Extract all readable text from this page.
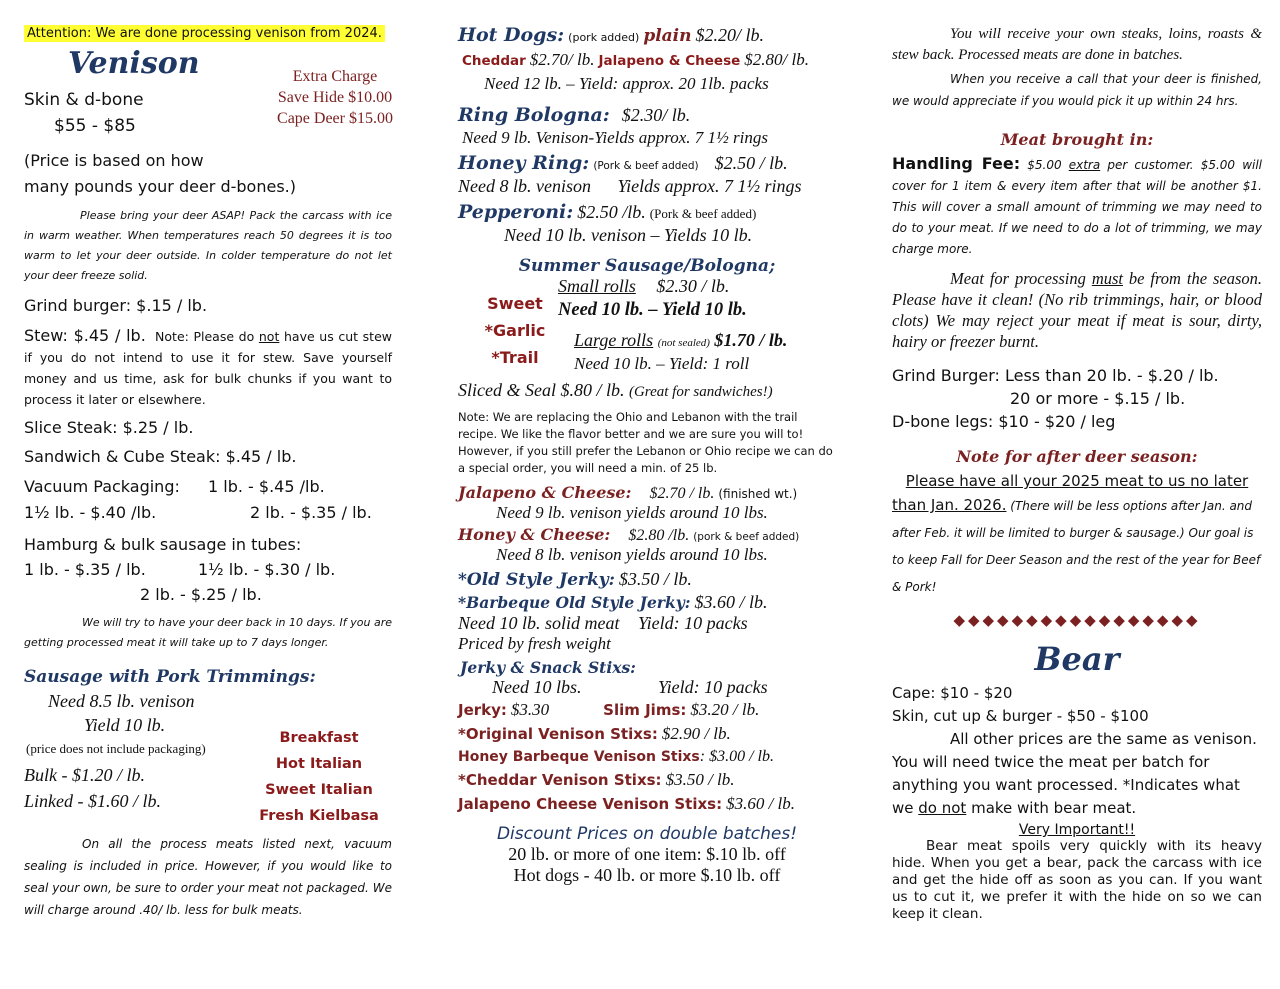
Attention: We are done processing venison from 2024.
Venison
Skin & d-bone
$55 - $85
Extra Charge
Save Hide $10.00
Cape Deer $15.00
(Price is based on how
many pounds your deer d-bones.)

Please bring your deer ASAP! Pack the carcass with ice in warm weather. When temperatures reach 50 degrees it is too warm to let your deer outside. In colder temperature do not let your deer freeze solid.

Grind burger: $.15 / lb.

Stew: $.45 / lb. Note: Please do not have us cut stew if you do not intend to use it for stew. Save yourself money and us time, ask for bulk chunks if you want to process it later or elsewhere.

Slice Steak: $.25 / lb.
Sandwich & Cube Steak: $.45 / lb.
Vacuum Packaging:	1 lb. - $.45 /lb.
1½ lb. - $.40 /lb.	2 lb. - $.35 / lb.
Hamburg & bulk sausage in tubes:
1 lb. - $.35 / lb.	1½ lb. - $.30 / lb.
2 lb. - $.25 / lb.

We will try to have your deer back in 10 days. If you are getting processed meat it will take up to 7 days longer.

Sausage with Pork Trimmings:
Need 8.5 lb. venison
Yield 10 lb.
(price does not include packaging)
Bulk - $1.20 / lb.
Linked - $1.60 / lb.
Breakfast
Hot Italian
Sweet Italian
Fresh Kielbasa

On all the process meats listed next, vacuum sealing is included in price. However, if you would like to seal your own, be sure to order your meat not packaged. We will charge around .40/ lb. less for bulk meats.

Hot Dogs: (pork added) plain $2.20/ lb.
Cheddar $2.70/ lb. Jalapeno & Cheese $2.80/ lb.
Need 12 lb. – Yield: approx. 20 1lb. packs
Ring Bologna: $2.30/ lb.
Need 9 lb. Venison-Yields approx. 7 1½ rings
Honey Ring: (Pork & beef added) $2.50 / lb.
Need 8 lb. venison Yields approx. 7 1½ rings
Pepperoni: $2.50 /lb. (Pork & beef added)
Need 10 lb. venison – Yields 10 lb.
Summer Sausage/Bologna;
Sweet
*Garlic
*Trail
Small rolls $2.30 / lb.
Need 10 lb. – Yield 10 lb.
Large rolls (not sealed) $1.70 / lb.
Need 10 lb. – Yield: 1 roll
Sliced & Seal $.80 / lb. (Great for sandwiches!)

Note: We are replacing the Ohio and Lebanon with the trail recipe. We like the flavor better and we are sure you will to! However, if you still prefer the Lebanon or Ohio recipe we can do a special order, you will need a min. of 25 lb.

Jalapeno & Cheese: $2.70 / lb. (finished wt.)
Need 9 lb. venison yields around 10 lbs.
Honey & Cheese: $2.80 /lb. (pork & beef added)
Need 8 lb. venison yields around 10 lbs.
*Old Style Jerky: $3.50 / lb.
*Barbeque Old Style Jerky: $3.60 / lb.
Need 10 lb. solid meat Yield: 10 packs
Priced by fresh weight
Jerky & Snack Stixs:
Need 10 lbs.	Yield: 10 packs
Jerky: $3.30	Slim Jims: $3.20 / lb.
*Original Venison Stixs: $2.90 / lb.
Honey Barbeque Venison Stixs: $3.00 / lb.
*Cheddar Venison Stixs: $3.50 / lb.
Jalapeno Cheese Venison Stixs: $3.60 / lb.
Discount Prices on double batches!
20 lb. or more of one item: $.10 lb. off
Hot dogs - 40 lb. or more $.10 lb. off

You will receive your own steaks, loins, roasts & stew back. Processed meats are done in batches.

When you receive a call that your deer is finished, we would appreciate if you would pick it up within 24 hrs.

Meat brought in:

Handling Fee: $5.00 extra per customer. $5.00 will cover for 1 item & every item after that will be another $1. This will cover a small amount of trimming we may need to do to your meat. If we need to do a lot of trimming, we may charge more.

Meat for processing must be from the season. Please have it clean! (No rib trimmings, hair, or blood clots) We may reject your meat if meat is sour, dirty, hairy or freezer burnt.

Grind Burger: Less than 20 lb. - $.20 / lb.
20 or more - $.15 / lb.
D-bone legs: $10 - $20 / leg
Note for after deer season:
Please have all your 2025 meat to us no later

than Jan. 2026. (There will be less options after Jan. and after Feb. it will be limited to burger & sausage.) Our goal is to keep Fall for Deer Season and the rest of the year for Beef & Pork!

◆◆◆◆◆◆◆◆◆◆◆◆◆◆◆◆◆
Bear
Cape: $10 - $20
Skin, cut up & burger - $50 - $100

All other prices are the same as venison. You will need twice the meat per batch for anything you want processed. *Indicates what we do not make with bear meat.

Very Important!!

Bear meat spoils very quickly with its heavy hide. When you get a bear, pack the carcass with ice and get the hide off as soon as you can. If you want us to cut it, we prefer it with the hide on so we can keep it clean.
